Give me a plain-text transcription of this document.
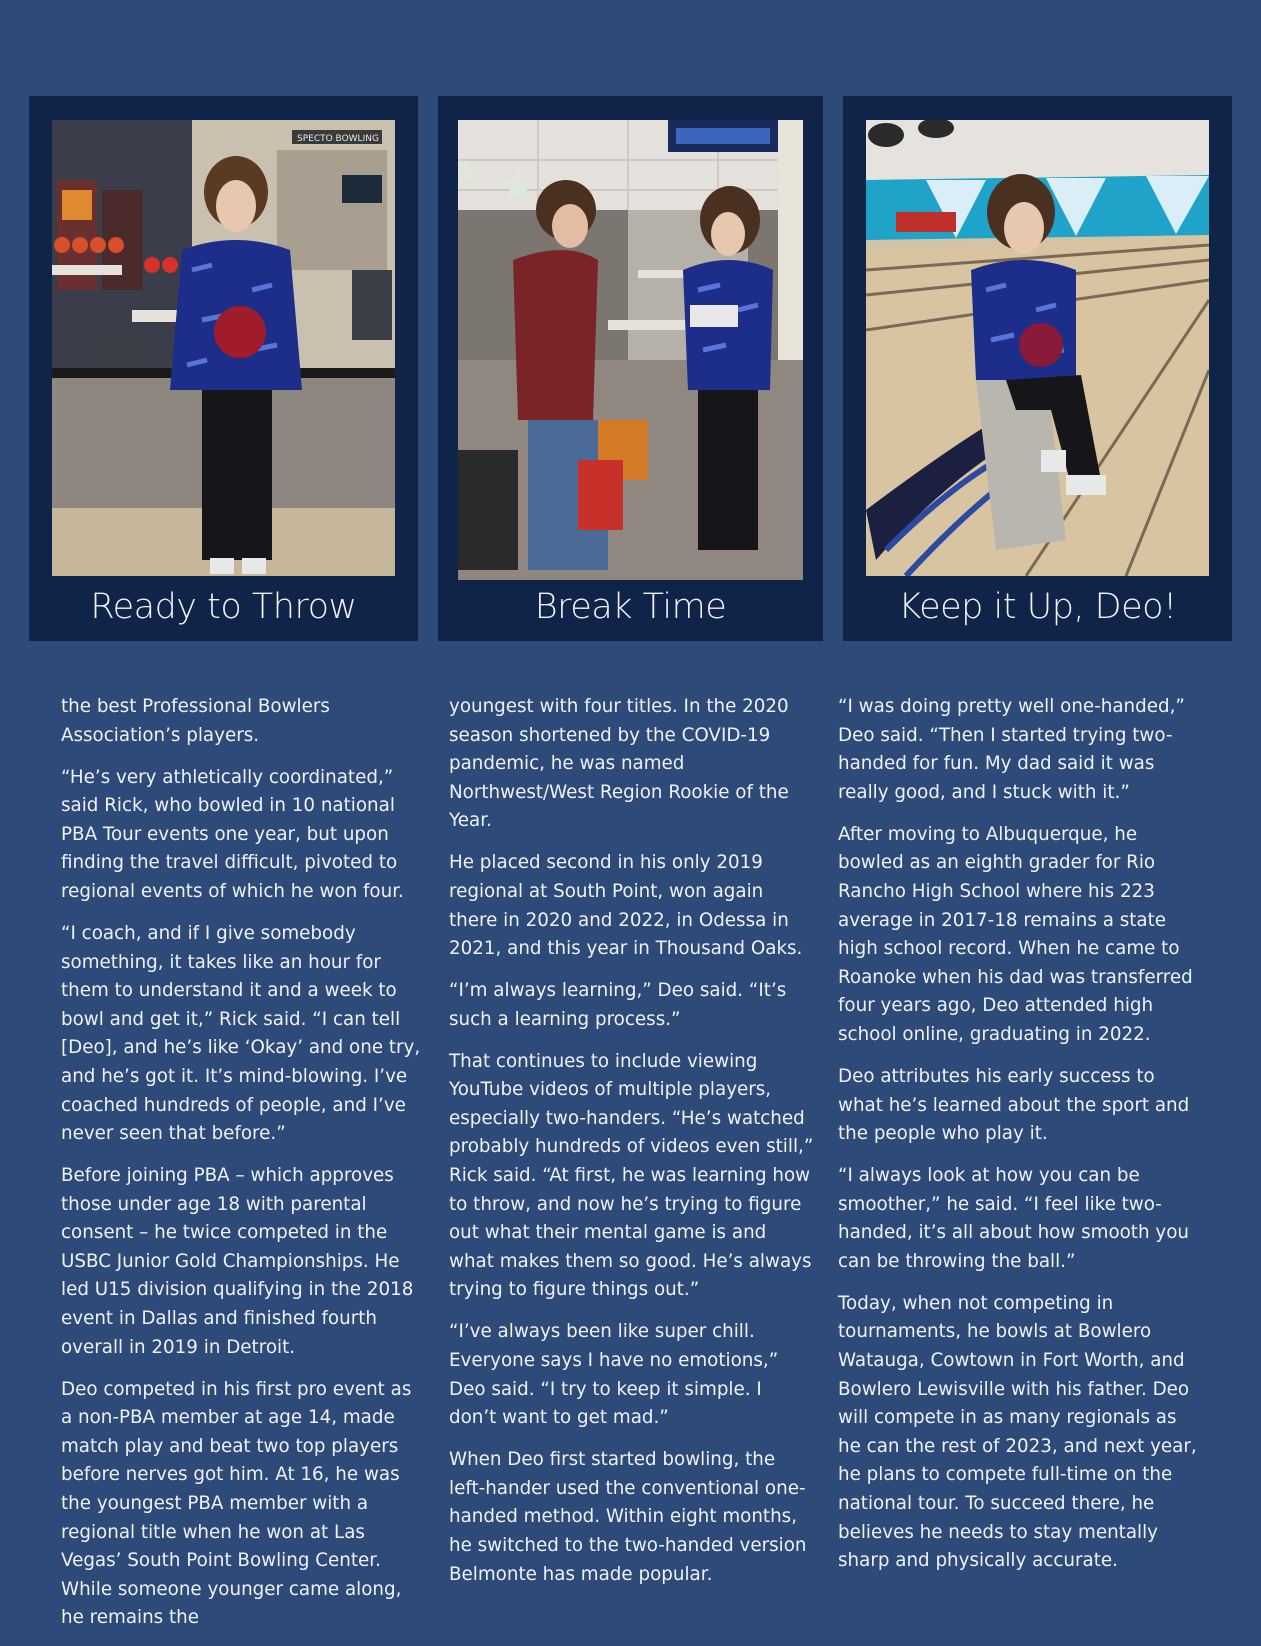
SPECTO BOWLING
Ready to Throw	Break Time	Keep it Up, Deo!

the best Professional Bowlers Association’s players.

“He’s very athletically coordinated,” said Rick, who bowled in 10 national PBA Tour events one year, but upon finding the travel difficult, pivoted to regional events of which he won four.

“I coach, and if I give somebody something, it takes like an hour for them to understand it and a week to bowl and get it,” Rick said. “I can tell [Deo], and he’s like ‘Okay’ and one try, and he’s got it. It’s mind-blowing. I’ve coached hundreds of people, and I’ve never seen that before.”

Before joining PBA – which approves those under age 18 with parental consent – he twice competed in the USBC Junior Gold Championships. He led U15 division qualifying in the 2018 event in Dallas and finished fourth overall in 2019 in Detroit.

Deo competed in his first pro event as a non-PBA member at age 14, made match play and beat two top players before nerves got him. At 16, he was the youngest PBA member with a regional title when he won at Las Vegas’ South Point Bowling Center. While someone younger came along, he remains the

youngest with four titles. In the 2020 season shortened by the COVID-19 pandemic, he was named Northwest/West Region Rookie of the Year.

He placed second in his only 2019 regional at South Point, won again there in 2020 and 2022, in Odessa in 2021, and this year in Thousand Oaks.

“I’m always learning,” Deo said. “It’s such a learning process.”

That continues to include viewing YouTube videos of multiple players, especially two-handers. “He’s watched probably hundreds of videos even still,” Rick said. “At first, he was learning how to throw, and now he’s trying to figure out what their mental game is and what makes them so good. He’s always trying to figure things out.”

“I’ve always been like super chill. Everyone says I have no emotions,” Deo said. “I try to keep it simple. I don’t want to get mad.”

When Deo first started bowling, the left-hander used the conventional one-handed method. Within eight months, he switched to the two-handed version Belmonte has made popular.

“I was doing pretty well one-handed,” Deo said. “Then I started trying two-handed for fun. My dad said it was really good, and I stuck with it.”

After moving to Albuquerque, he bowled as an eighth grader for Rio Rancho High School where his 223 average in 2017-18 remains a state high school record. When he came to Roanoke when his dad was transferred four years ago, Deo attended high school online, graduating in 2022.

Deo attributes his early success to what he’s learned about the sport and the people who play it.

“I always look at how you can be smoother,” he said. “I feel like two-handed, it’s all about how smooth you can be throwing the ball.”

Today, when not competing in tournaments, he bowls at Bowlero Watauga, Cowtown in Fort Worth, and Bowlero Lewisville with his father. Deo will compete in as many regionals as he can the rest of 2023, and next year, he plans to compete full-time on the national tour. To succeed there, he believes he needs to stay mentally sharp and physically accurate.
